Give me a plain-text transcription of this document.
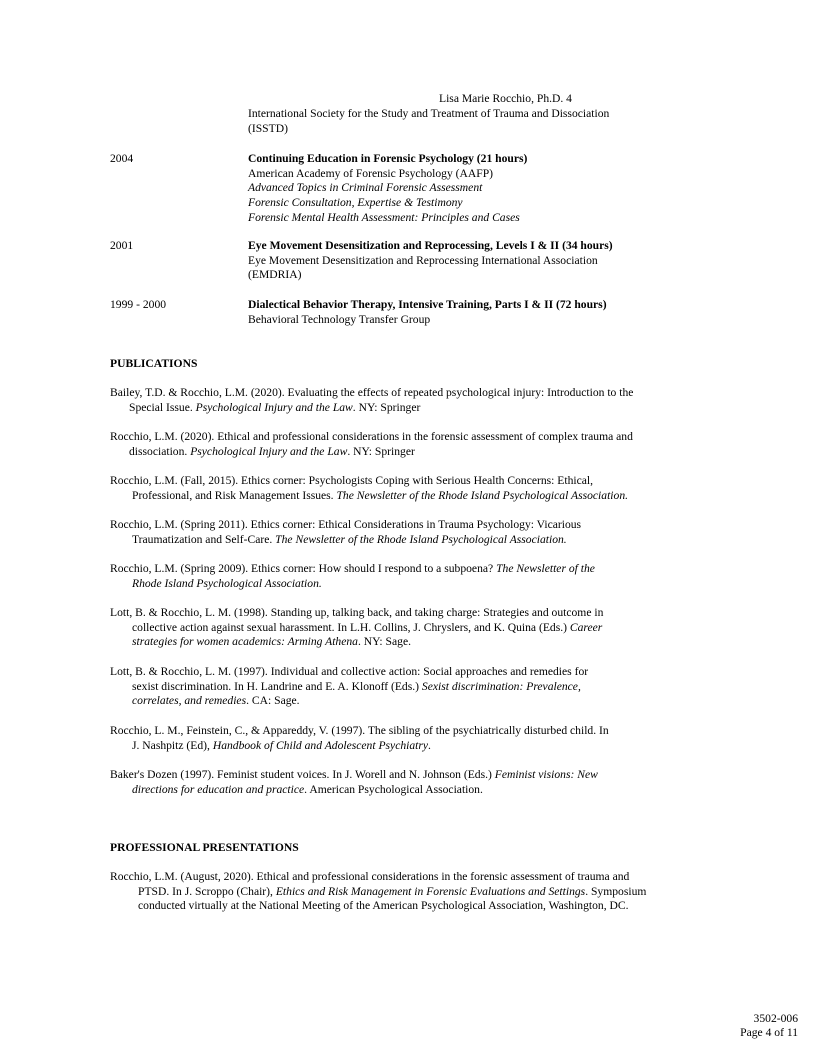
Lisa Marie Rocchio, Ph.D. 4
International Society for the Study and Treatment of Trauma and Dissociation
(ISSTD)
2004	Continuing Education in Forensic Psychology (21 hours)
American Academy of Forensic Psychology (AAFP)
Advanced Topics in Criminal Forensic Assessment
Forensic Consultation, Expertise & Testimony
Forensic Mental Health Assessment: Principles and Cases
2001	Eye Movement Desensitization and Reprocessing, Levels I & II (34 hours)
Eye Movement Desensitization and Reprocessing International Association
(EMDRIA)
1999 - 2000	Dialectical Behavior Therapy, Intensive Training, Parts I & II (72 hours)
Behavioral Technology Transfer Group
PUBLICATIONS
Bailey, T.D. & Rocchio, L.M. (2020). Evaluating the effects of repeated psychological injury: Introduction to the
Special Issue. Psychological Injury and the Law. NY: Springer
Rocchio, L.M. (2020). Ethical and professional considerations in the forensic assessment of complex trauma and
dissociation. Psychological Injury and the Law. NY: Springer
Rocchio, L.M. (Fall, 2015). Ethics corner: Psychologists Coping with Serious Health Concerns: Ethical,
Professional, and Risk Management Issues. The Newsletter of the Rhode Island Psychological Association.
Rocchio, L.M. (Spring 2011). Ethics corner: Ethical Considerations in Trauma Psychology: Vicarious
Traumatization and Self-Care. The Newsletter of the Rhode Island Psychological Association.
Rocchio, L.M. (Spring 2009). Ethics corner: How should I respond to a subpoena? The Newsletter of the
Rhode Island Psychological Association.
Lott, B. & Rocchio, L. M. (1998). Standing up, talking back, and taking charge: Strategies and outcome in
collective action against sexual harassment. In L.H. Collins, J. Chryslers, and K. Quina (Eds.) Career
strategies for women academics: Arming Athena. NY: Sage.
Lott, B. & Rocchio, L. M. (1997). Individual and collective action: Social approaches and remedies for
sexist discrimination. In H. Landrine and E. A. Klonoff (Eds.) Sexist discrimination: Prevalence,
correlates, and remedies. CA: Sage.
Rocchio, L. M., Feinstein, C., & Appareddy, V. (1997). The sibling of the psychiatrically disturbed child. In
J. Nashpitz (Ed), Handbook of Child and Adolescent Psychiatry.
Baker's Dozen (1997). Feminist student voices. In J. Worell and N. Johnson (Eds.) Feminist visions: New
directions for education and practice. American Psychological Association.
PROFESSIONAL PRESENTATIONS
Rocchio, L.M. (August, 2020). Ethical and professional considerations in the forensic assessment of trauma and
PTSD. In J. Scroppo (Chair), Ethics and Risk Management in Forensic Evaluations and Settings. Symposium
conducted virtually at the National Meeting of the American Psychological Association, Washington, DC.
3502-006
Page 4 of 11
